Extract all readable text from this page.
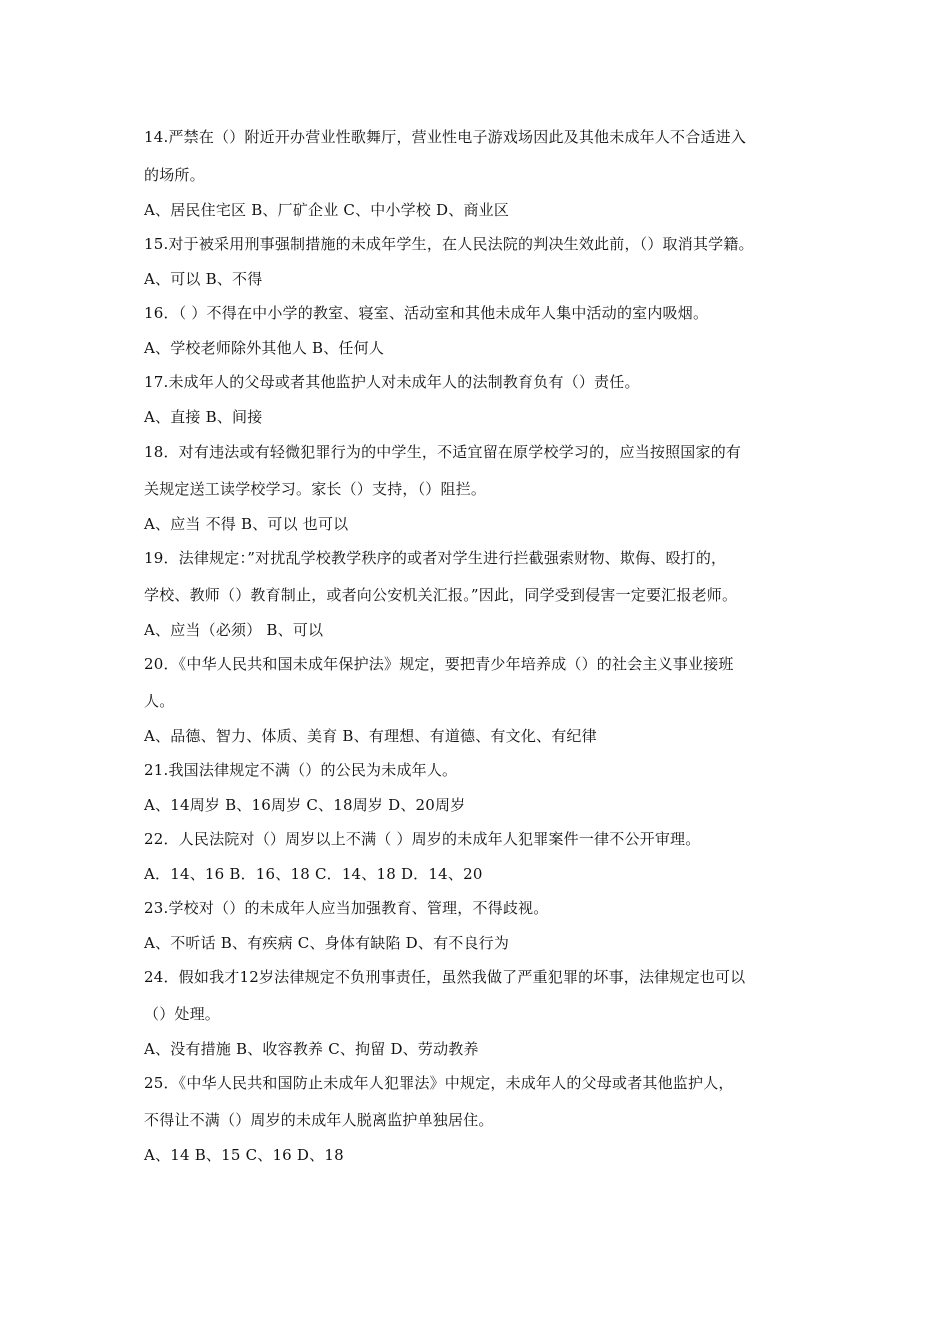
14.严禁在（）附近开办营业性歌舞厅，营业性电子游戏场因此及其他未成年人不合适进入
的场所。
A、居民住宅区 B、厂矿企业 C、中小学校 D、商业区
15.对于被采用刑事强制措施的未成年学生，在人民法院的判决生效此前，（）取消其学籍。
A、可以 B、不得
16．（ ）不得在中小学的教室、寝室、活动室和其他未成年人集中活动的室内吸烟。
A、学校老师除外其他人 B、任何人
17.未成年人的父母或者其他监护人对未成年人的法制教育负有（）责任。
A、直接 B、间接
18．对有违法或有轻微犯罪行为的中学生，不适宜留在原学校学习的，应当按照国家的有
关规定送工读学校学习。家长（）支持，（）阻拦。
A、应当 不得 B、可以 也可以
19．法律规定：”对扰乱学校教学秩序的或者对学生进行拦截强索财物、欺侮、殴打的，
学校、教师（）教育制止，或者向公安机关汇报。”因此，同学受到侵害一定要汇报老师。
A、应当（必须） B、可以
20．《中华人民共和国未成年保护法》规定，要把青少年培养成（）的社会主义事业接班
人。
A、品德、智力、体质、美育 B、有理想、有道德、有文化、有纪律
21.我国法律规定不满（）的公民为未成年人。
A、14周岁 B、16周岁 C、18周岁 D、20周岁
22．人民法院对（）周岁以上不满（ ）周岁的未成年人犯罪案件一律不公开审理。
A．14、16 B．16、18 C．14、18 D．14、20
23.学校对（）的未成年人应当加强教育、管理，不得歧视。
A、不听话 B、有疾病 C、身体有缺陷 D、有不良行为
24．假如我才12岁法律规定不负刑事责任，虽然我做了严重犯罪的坏事，法律规定也可以
（）处理。
A、没有措施 B、收容教养 C、拘留 D、劳动教养
25．《中华人民共和国防止未成年人犯罪法》中规定，未成年人的父母或者其他监护人，
不得让不满（）周岁的未成年人脱离监护单独居住。
A、14 B、15 C、16 D、18
